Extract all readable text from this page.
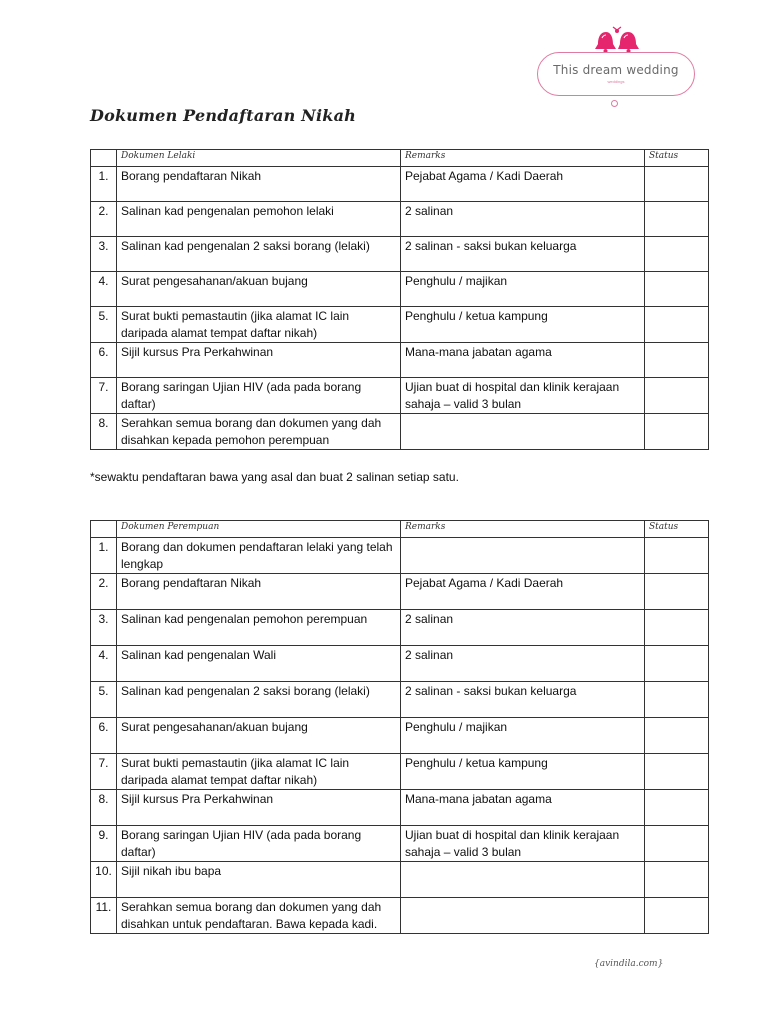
This dream wedding
weddings
Dokumen Pendaftaran Nikah
	Dokumen Lelaki	Remarks	Status
1.	Borang pendaftaran Nikah	Pejabat Agama / Kadi Daerah	
2.	Salinan kad pengenalan pemohon lelaki	2 salinan	
3.	Salinan kad pengenalan 2 saksi borang (lelaki)	2 salinan - saksi bukan keluarga	
4.	Surat pengesahanan/akuan bujang	Penghulu / majikan	
5.	Surat bukti pemastautin (jika alamat IC lain daripada alamat tempat daftar nikah)	Penghulu / ketua kampung	
6.	Sijil kursus Pra Perkahwinan	Mana-mana jabatan agama	
7.	Borang saringan Ujian HIV (ada pada borang daftar)	Ujian buat di hospital dan klinik kerajaan sahaja – valid 3 bulan	
8.	Serahkan semua borang dan dokumen yang dah disahkan kepada pemohon perempuan		
*sewaktu pendaftaran bawa yang asal dan buat 2 salinan setiap satu.
	Dokumen Perempuan	Remarks	Status
1.	Borang dan dokumen pendaftaran lelaki yang telah lengkap		
2.	Borang pendaftaran Nikah	Pejabat Agama / Kadi Daerah	
3.	Salinan kad pengenalan pemohon perempuan	2 salinan	
4.	Salinan kad pengenalan Wali	2 salinan	
5.	Salinan kad pengenalan 2 saksi borang (lelaki)	2 salinan - saksi bukan keluarga	
6.	Surat pengesahanan/akuan bujang	Penghulu / majikan	
7.	Surat bukti pemastautin (jika alamat IC lain daripada alamat tempat daftar nikah)	Penghulu / ketua kampung	
8.	Sijil kursus Pra Perkahwinan	Mana-mana jabatan agama	
9.	Borang saringan Ujian HIV (ada pada borang daftar)	Ujian buat di hospital dan klinik kerajaan sahaja – valid 3 bulan	
10.	Sijil nikah ibu bapa		
11.	Serahkan semua borang dan dokumen yang dah disahkan untuk pendaftaran. Bawa kepada kadi.		
{avindila.com}
